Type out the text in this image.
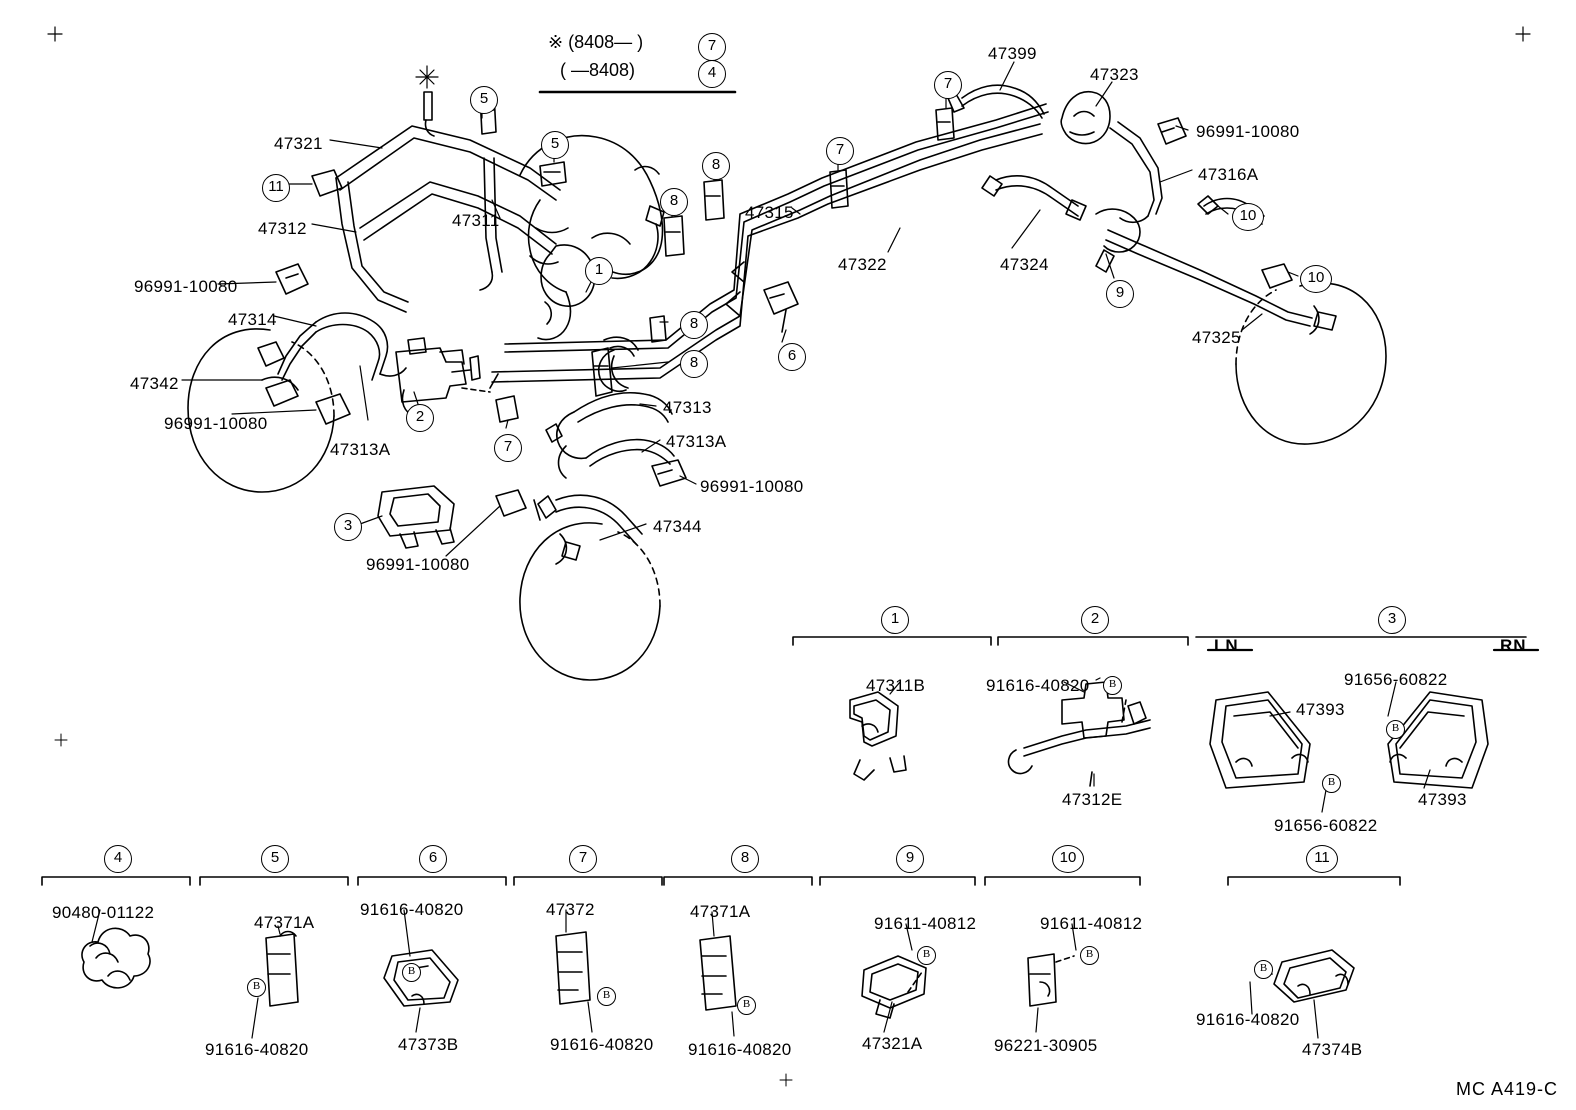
※ (8408— )
( —8408)
47321
47312	47311	47315
47322	47324
47399
47323
47316A
47325
47314
47342
47313
47313A
47313A
47344
96991-10080
96991-10080
96991-10080
96991-10080
96991-10080
5
5
11
8
8
7
7
7
4
1
8
8	6
9
10
10
2
7
3
1
47311B
2
91616-40820	B
47312E
3
LN	RN
47393
47393
91656-60822
91656-60822
B
B
4
90480-01122
5
47371A
91616-40820
B
6
91616-40820
47373B
B
7
47372
91616-40820
B
8
47371A
91616-40820
B
9
91611-40812
47321A
B
10
91611-40812
96221-30905
B
11
91616-40820
47374B
B
MC A419-C
